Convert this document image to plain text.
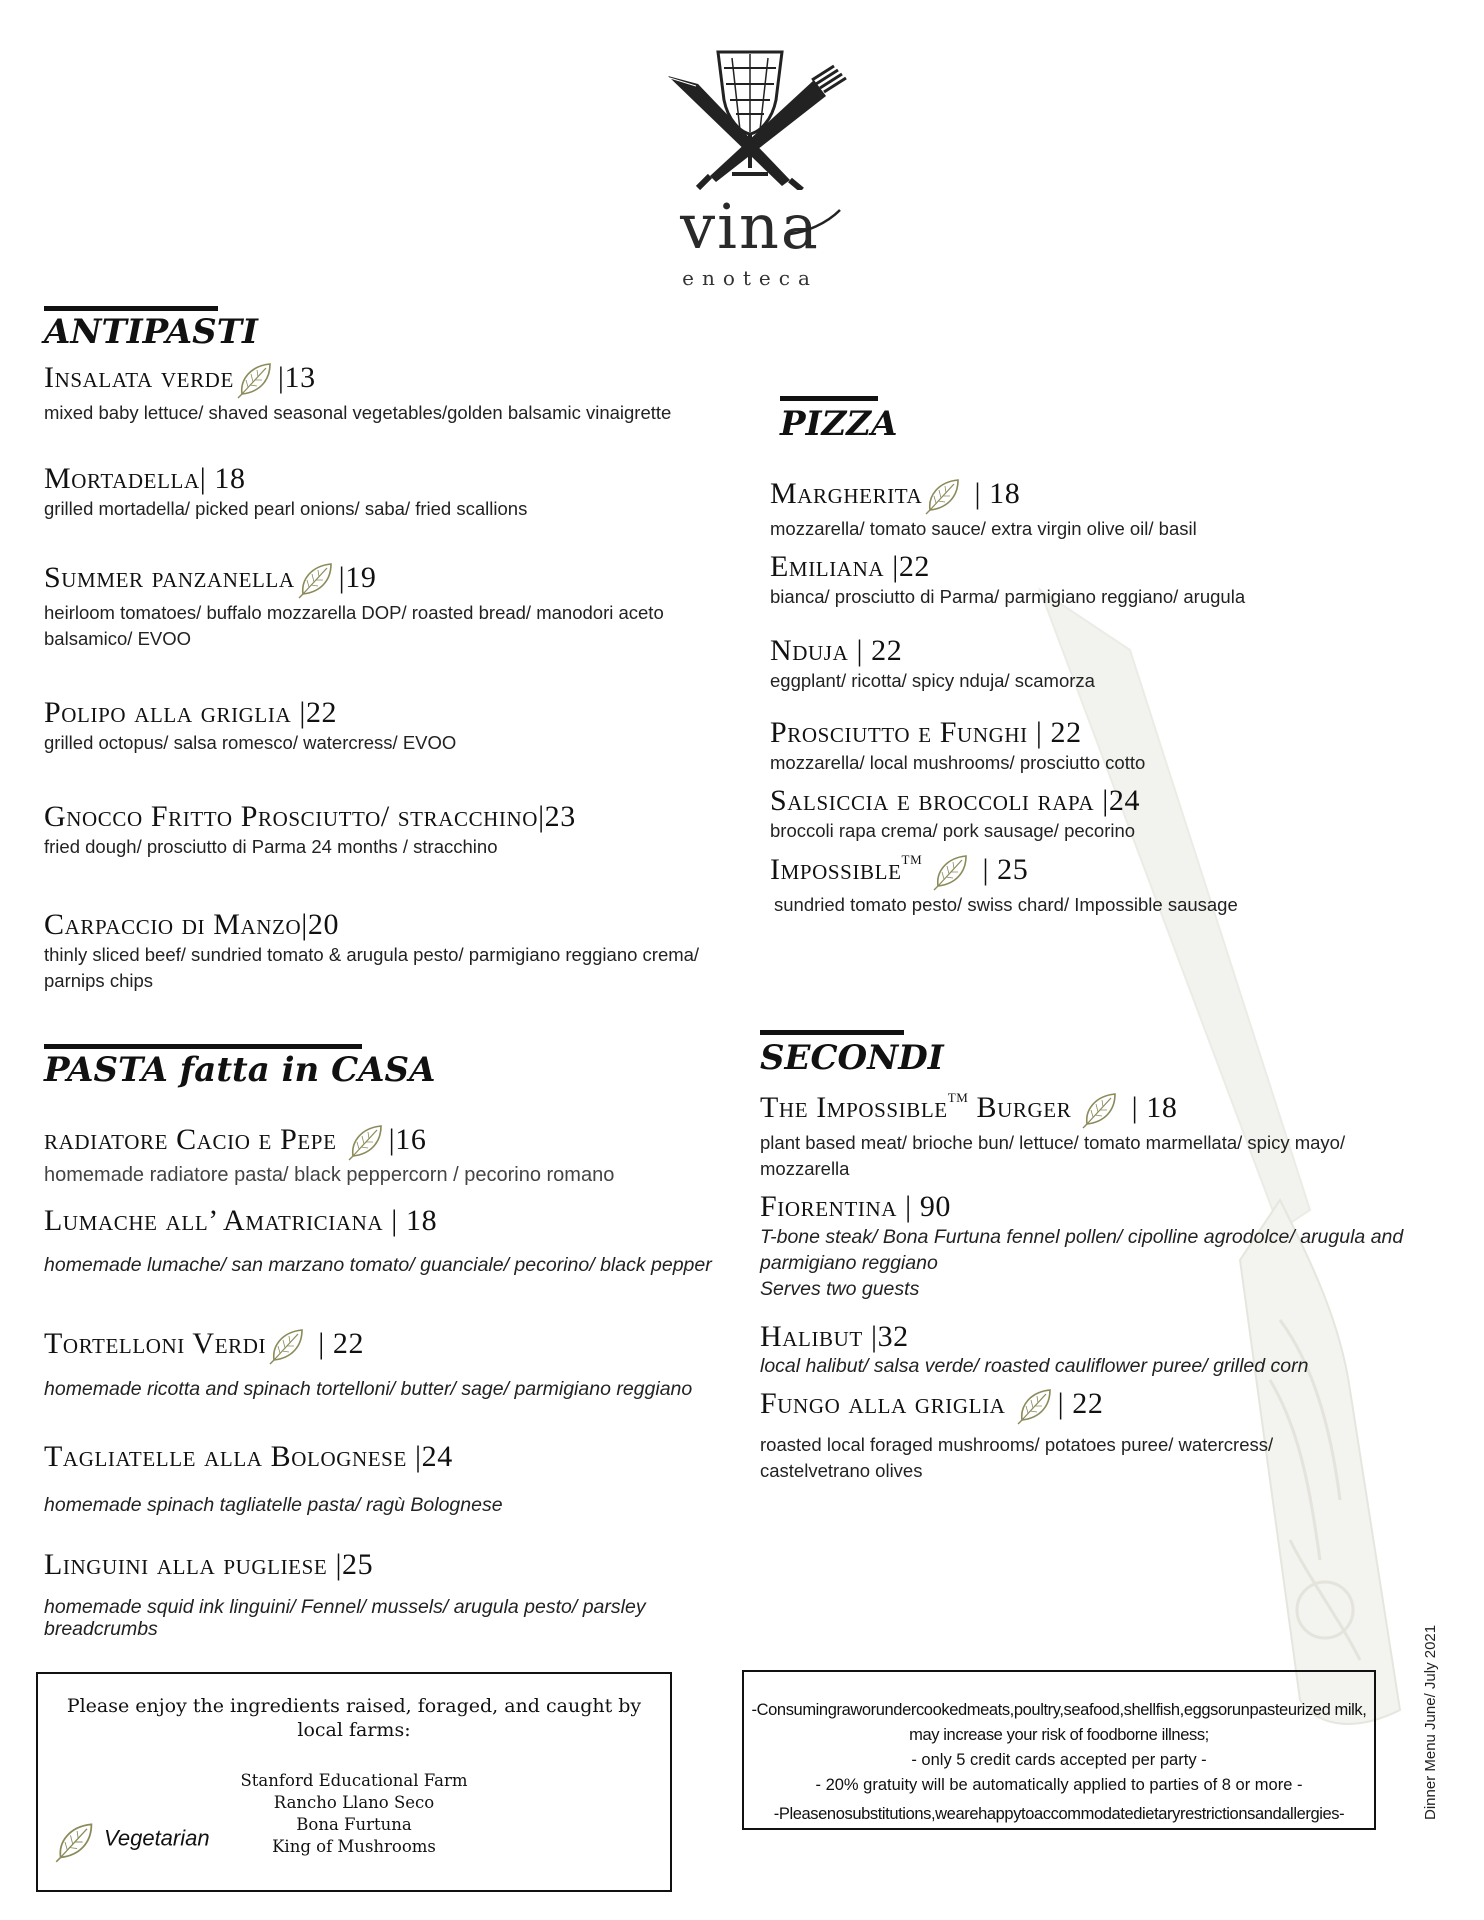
vina
enoteca
ANTIPASTI
Insalata verde |13
mixed baby lettuce/ shaved seasonal vegetables/golden balsamic vinaigrette
Mortadella| 18
grilled mortadella/ picked pearl onions/ saba/ fried scallions
Summer panzanella |19
heirloom tomatoes/ buffalo mozzarella DOP/ roasted bread/ manodori aceto balsamico/ EVOO
Polipo alla griglia |22
grilled octopus/ salsa romesco/ watercress/ EVOO
Gnocco Fritto Prosciutto/ stracchino|23
fried dough/ prosciutto di Parma 24 months / stracchino
Carpaccio di Manzo|20
thinly sliced beef/ sundried tomato & arugula pesto/ parmigiano reggiano crema/ parnips chips
PIZZA
Margherita | 18
mozzarella/ tomato sauce/ extra virgin olive oil/ basil
Emiliana |22
bianca/ prosciutto di Parma/ parmigiano reggiano/ arugula
Nduja | 22
eggplant/ ricotta/ spicy nduja/ scamorza
Prosciutto e Funghi | 22
mozzarella/ local mushrooms/ prosciutto cotto
Salsiccia e broccoli rapa |24
broccoli rapa crema/ pork sausage/ pecorino
Impossible™ | 25
sundried tomato pesto/ swiss chard/ Impossible sausage
PASTA fatta in CASA
radiatore Cacio e Pepe |16
homemade radiatore pasta/ black peppercorn / pecorino romano
Lumache all’ Amatriciana | 18
homemade lumache/ san marzano tomato/ guanciale/ pecorino/ black pepper
Tortelloni Verdi | 22
homemade ricotta and spinach tortelloni/ butter/ sage/ parmigiano reggiano
Tagliatelle alla Bolognese |24
homemade spinach tagliatelle pasta/ ragù Bolognese
Linguini alla pugliese |25
homemade squid ink linguini/ Fennel/ mussels/ arugula pesto/ parsley breadcrumbs
SECONDI
The Impossible™ Burger | 18
plant based meat/ brioche bun/ lettuce/ tomato marmellata/ spicy mayo/ mozzarella
Fiorentina | 90
T-bone steak/ Bona Furtuna fennel pollen/ cipolline agrodolce/ arugula and parmigiano reggiano
Serves two guests
Halibut |32
local halibut/ salsa verde/ roasted cauliflower puree/ grilled corn
Fungo alla griglia | 22
roasted local foraged mushrooms/ potatoes puree/ watercress/ castelvetrano olives
Please enjoy the ingredients raised, foraged, and caught by local farms:
Stanford Educational Farm
Rancho Llano Seco
Bona Furtuna
King of Mushrooms
Vegetarian
-Consumingraworundercookedmeats,poultry,seafood,shellfish,eggsorunpasteurized milk, may increase your risk of foodborne illness;
- only 5 credit cards accepted per party -
- 20% gratuity will be automatically applied to parties of 8 or more -
-Pleasenosubstitutions,wearehappytoaccommodatedietaryrestrictionsandallergies-	Dinner Menu June/ July 2021
